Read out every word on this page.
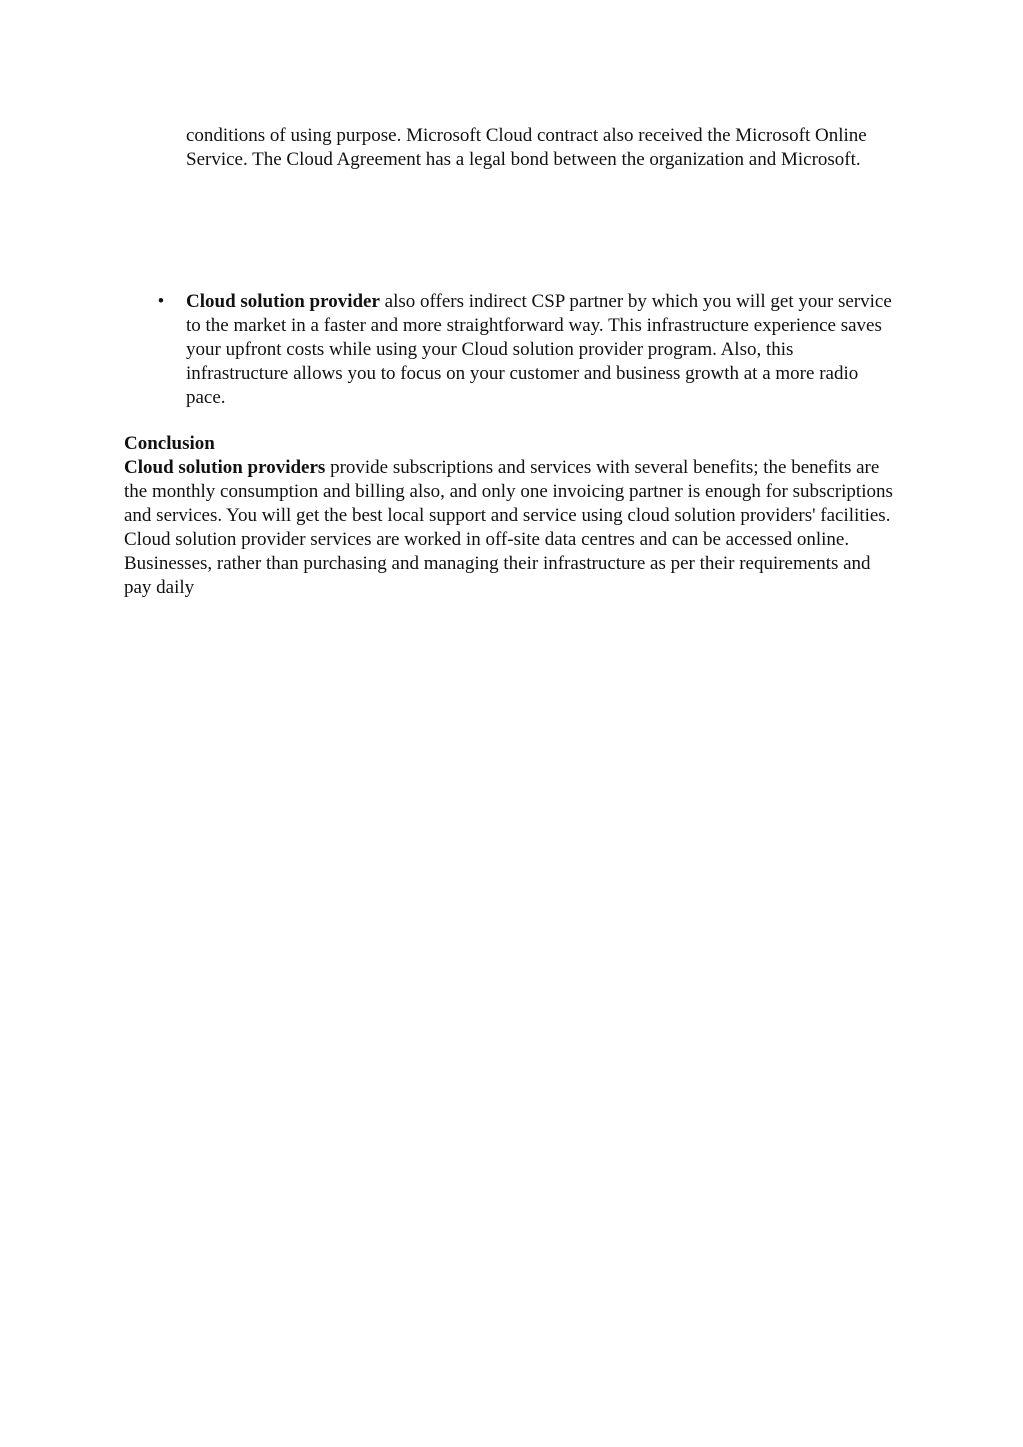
conditions of using purpose. Microsoft Cloud contract also received the Microsoft Online Service. The Cloud Agreement has a legal bond between the organization and Microsoft.

• Cloud solution provider also offers indirect CSP partner by which you will get your service to the market in a faster and more straightforward way. This infrastructure experience saves your upfront costs while using your Cloud solution provider program. Also, this infrastructure allows you to focus on your customer and business growth at a more radio pace.
Conclusion
Cloud solution providers provide subscriptions and services with several benefits; the benefits are the monthly consumption and billing also, and only one invoicing partner is enough for subscriptions and services. You will get the best local support and service using cloud solution providers' facilities. Cloud solution provider services are worked in off-site data centres and can be accessed online. Businesses, rather than purchasing and managing their infrastructure as per their requirements and pay daily
